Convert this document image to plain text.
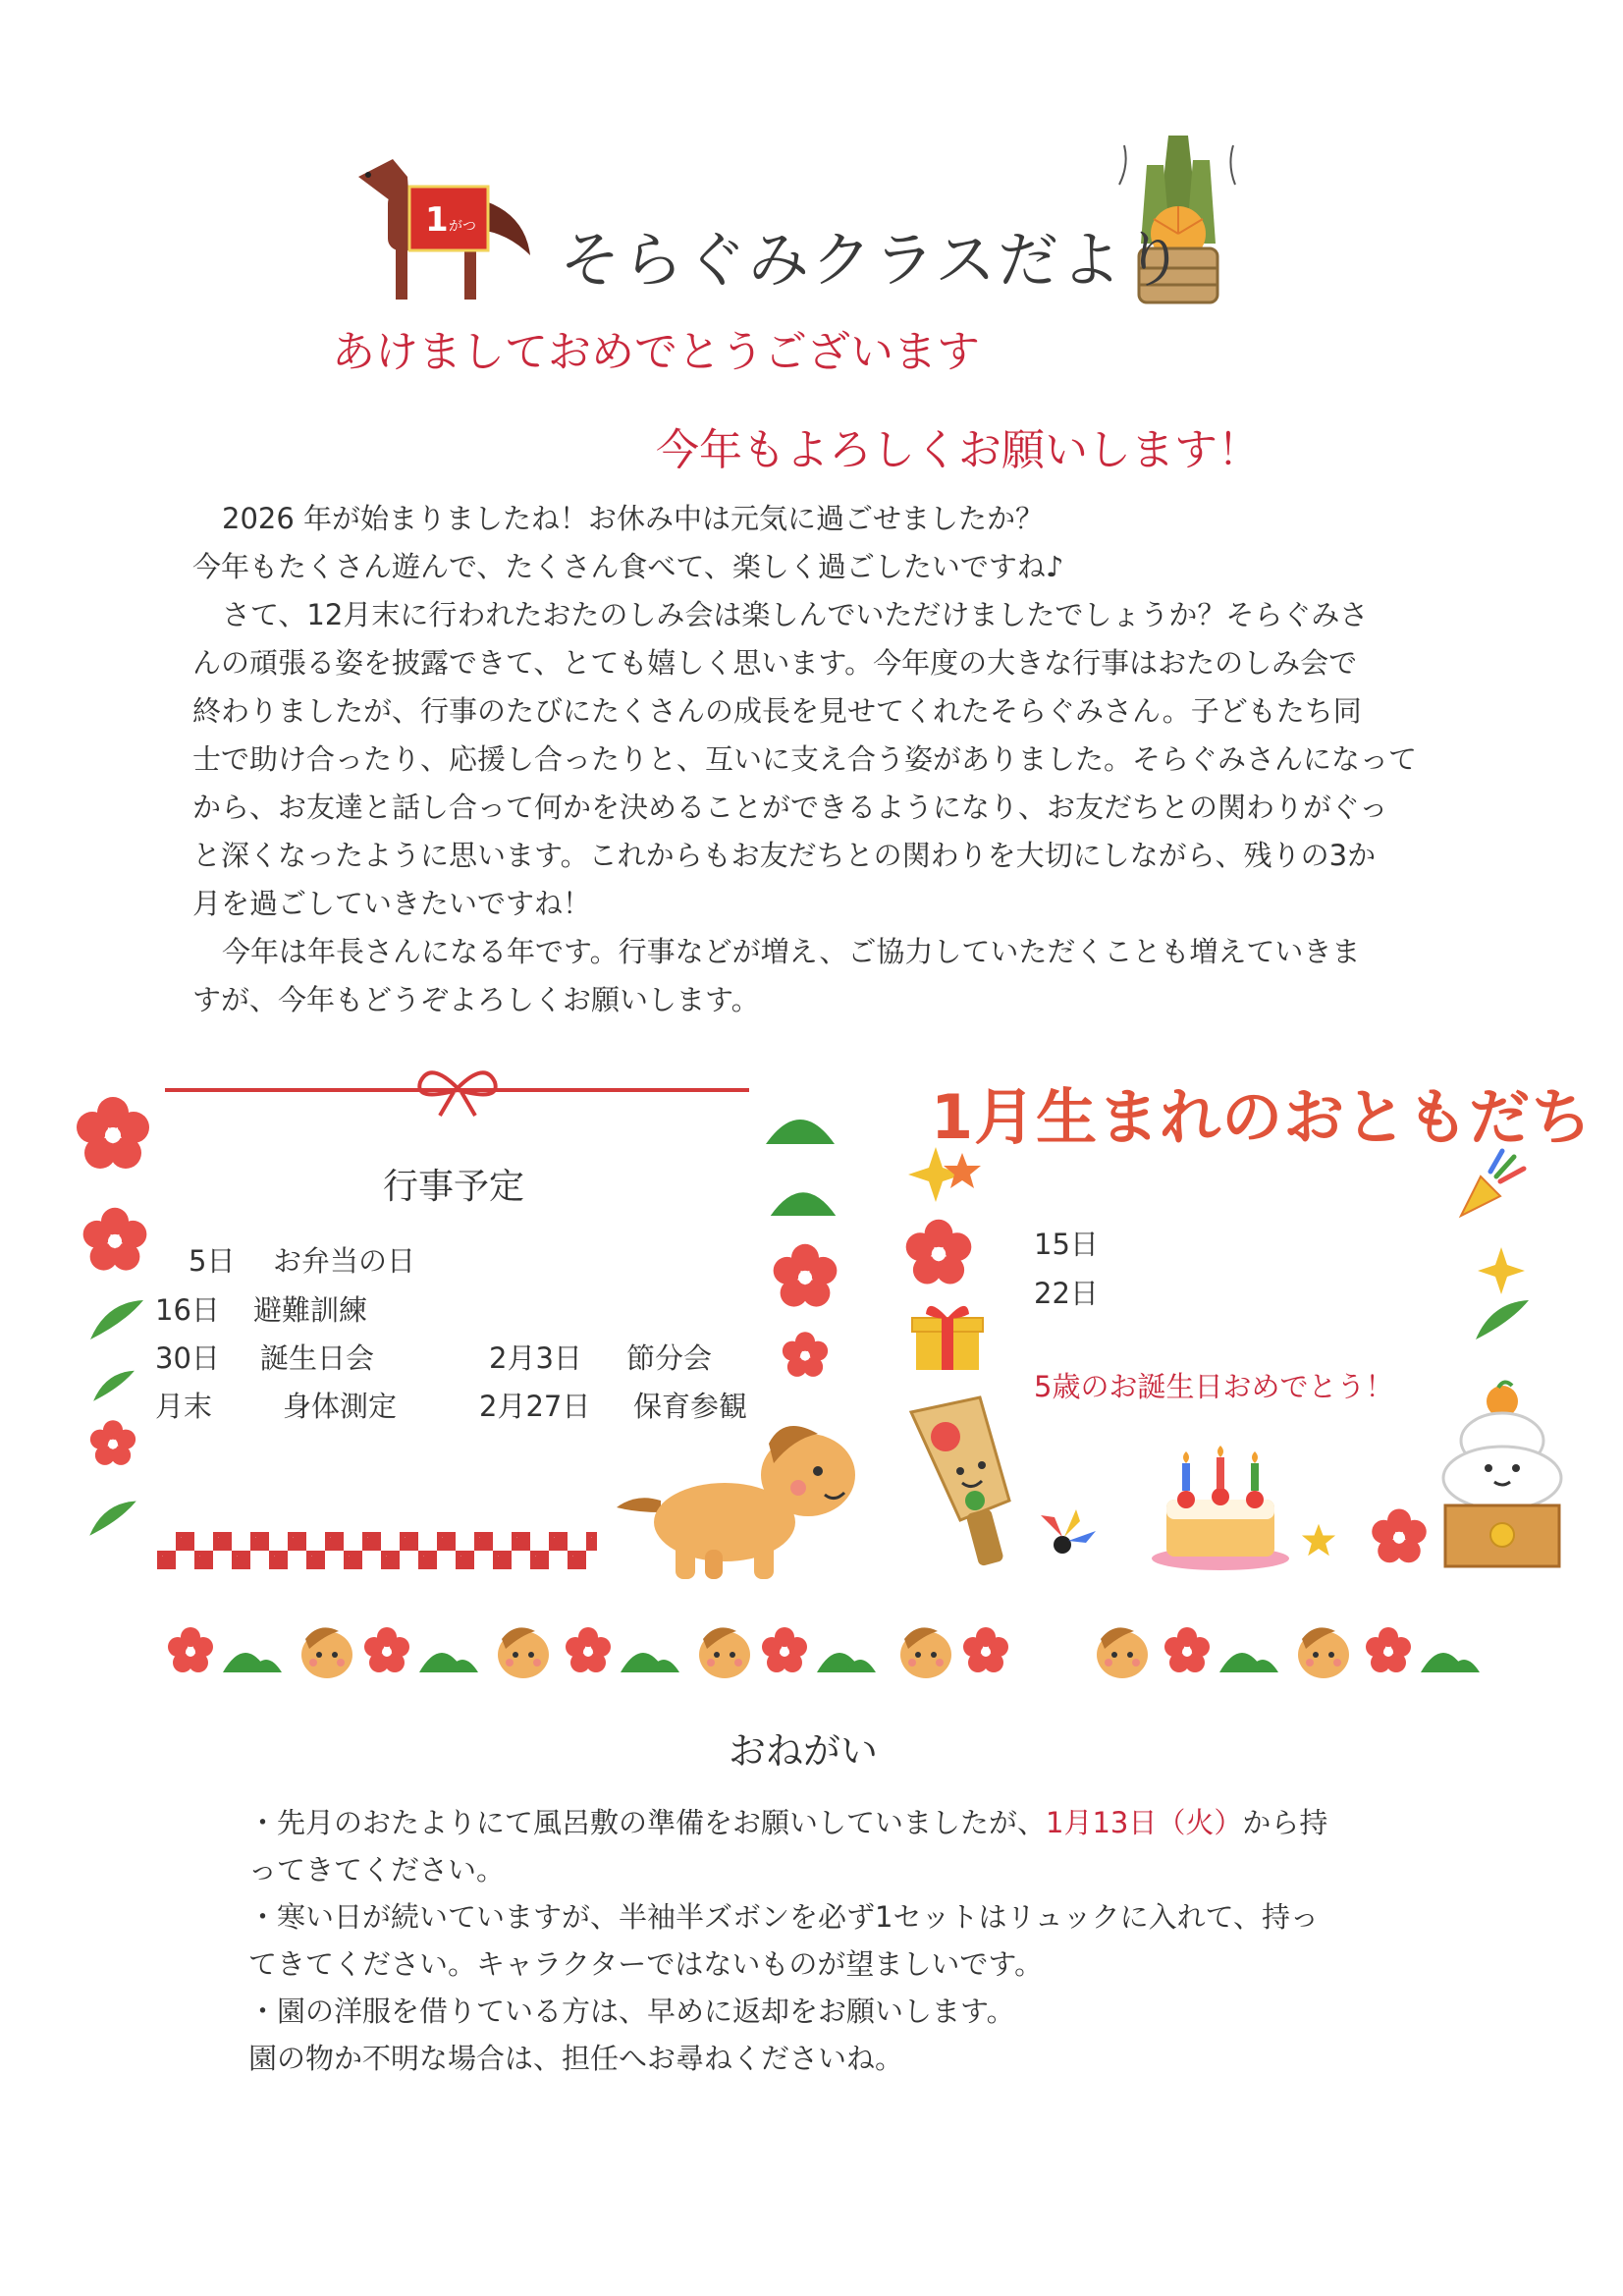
1 がつ そらぐみクラスだより
あけましておめでとうございます
今年もよろしくお願いします！

2026 年が始まりましたね！お休み中は元気に過ごせましたか？

今年もたくさん遊んで、たくさん食べて、楽しく過ごしたいですね♪

さて、12月末に行われたおたのしみ会は楽しんでいただけましたでしょうか？そらぐみさ

んの頑張る姿を披露できて、とても嬉しく思います。今年度の大きな行事はおたのしみ会で

終わりましたが、行事のたびにたくさんの成長を見せてくれたそらぐみさん。子どもたち同

士で助け合ったり、応援し合ったりと、互いに支え合う姿がありました。そらぐみさんになって

から、お友達と話し合って何かを決めることができるようになり、お友だちとの関わりがぐっ

と深くなったように思います。これからもお友だちとの関わりを大切にしながら、残りの3か

月を過ごしていきたいですね！

今年は年長さんになる年です。行事などが増え、ご協力していただくことも増えていきま

すが、今年もどうぞよろしくお願いします。

行事予定
5日 お弁当の日
16日 避難訓練
30日 誕生日会	2月3日 節分会
月末 身体測定	2月27日 保育参観
1月生まれのおともだち
15日
22日
5歳のお誕生日おめでとう！
おねがい

・先月のおたよりにて風呂敷の準備をお願いしていましたが、1月13日（火）から持

ってきてください。

・寒い日が続いていますが、半袖半ズボンを必ず1セットはリュックに入れて、持っ

てきてください。キャラクターではないものが望ましいです。

・園の洋服を借りている方は、早めに返却をお願いします。

園の物か不明な場合は、担任へお尋ねくださいね。
